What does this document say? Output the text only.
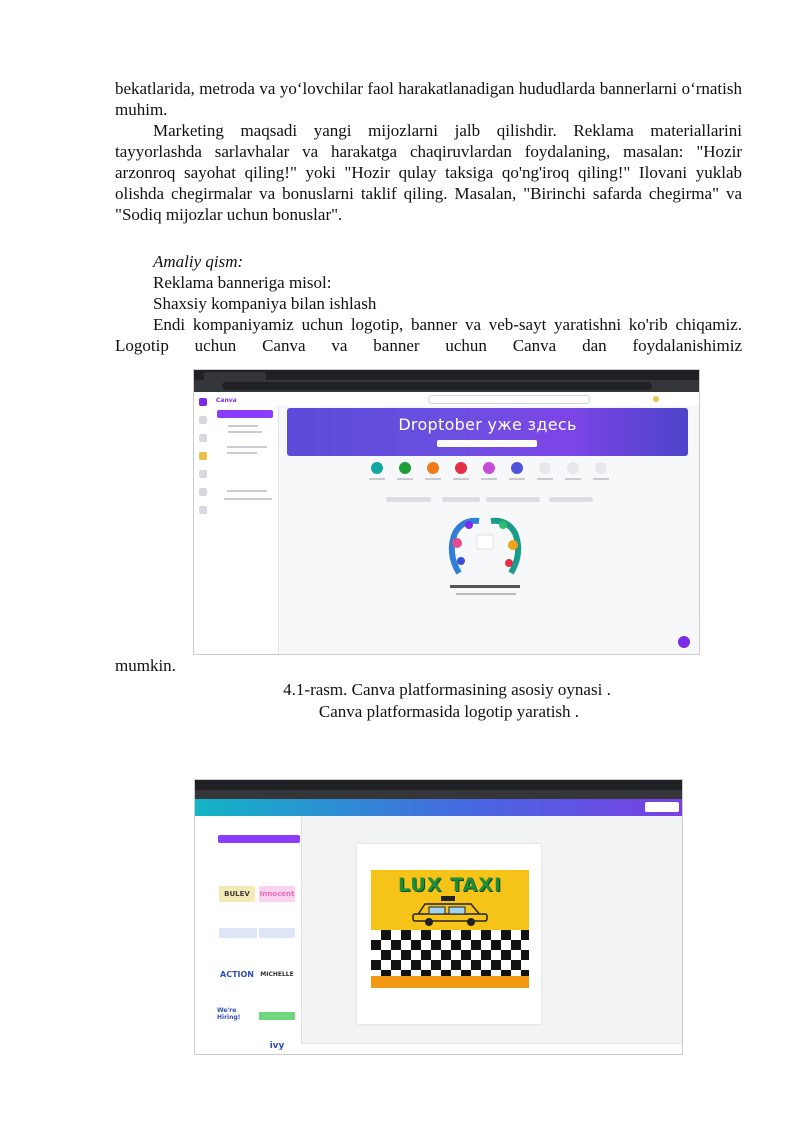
bekatlarida, metroda va yo‘lovchilar faol harakatlanadigan hududlarda bannerlarni o‘rnatish muhim.

Marketing maqsadi yangi mijozlarni jalb qilishdir. Reklama materiallarini tayyorlashda sarlavhalar va harakatga chaqiruvlardan foydalaning, masalan: "Hozir arzonroq sayohat qiling!" yoki "Hozir qulay taksiga qo'ng'iroq qiling!" Ilovani yuklab olishda chegirmalar va bonuslarni taklif qiling. Masalan, "Birinchi safarda chegirma" va "Sodiq mijozlar uchun bonuslar".

Amaliy qism:

Reklama banneriga misol:

Shaxsiy kompaniya bilan ishlash

Endi kompaniyamiz uchun logotip, banner va veb-sayt yaratishni ko'rib chiqamiz. Logotip uchun Canva va banner uchun Canva dan foydalanishimiz

Canva
Droptober уже здесь

mumkin.

4.1-rasm. Canva platformasining asosiy oynasi .

Canva platformasida logotip yaratish .

BULEV	Innocent
ACTION MICHELLE
We're Hiring!
ivy
LUX TAXI
